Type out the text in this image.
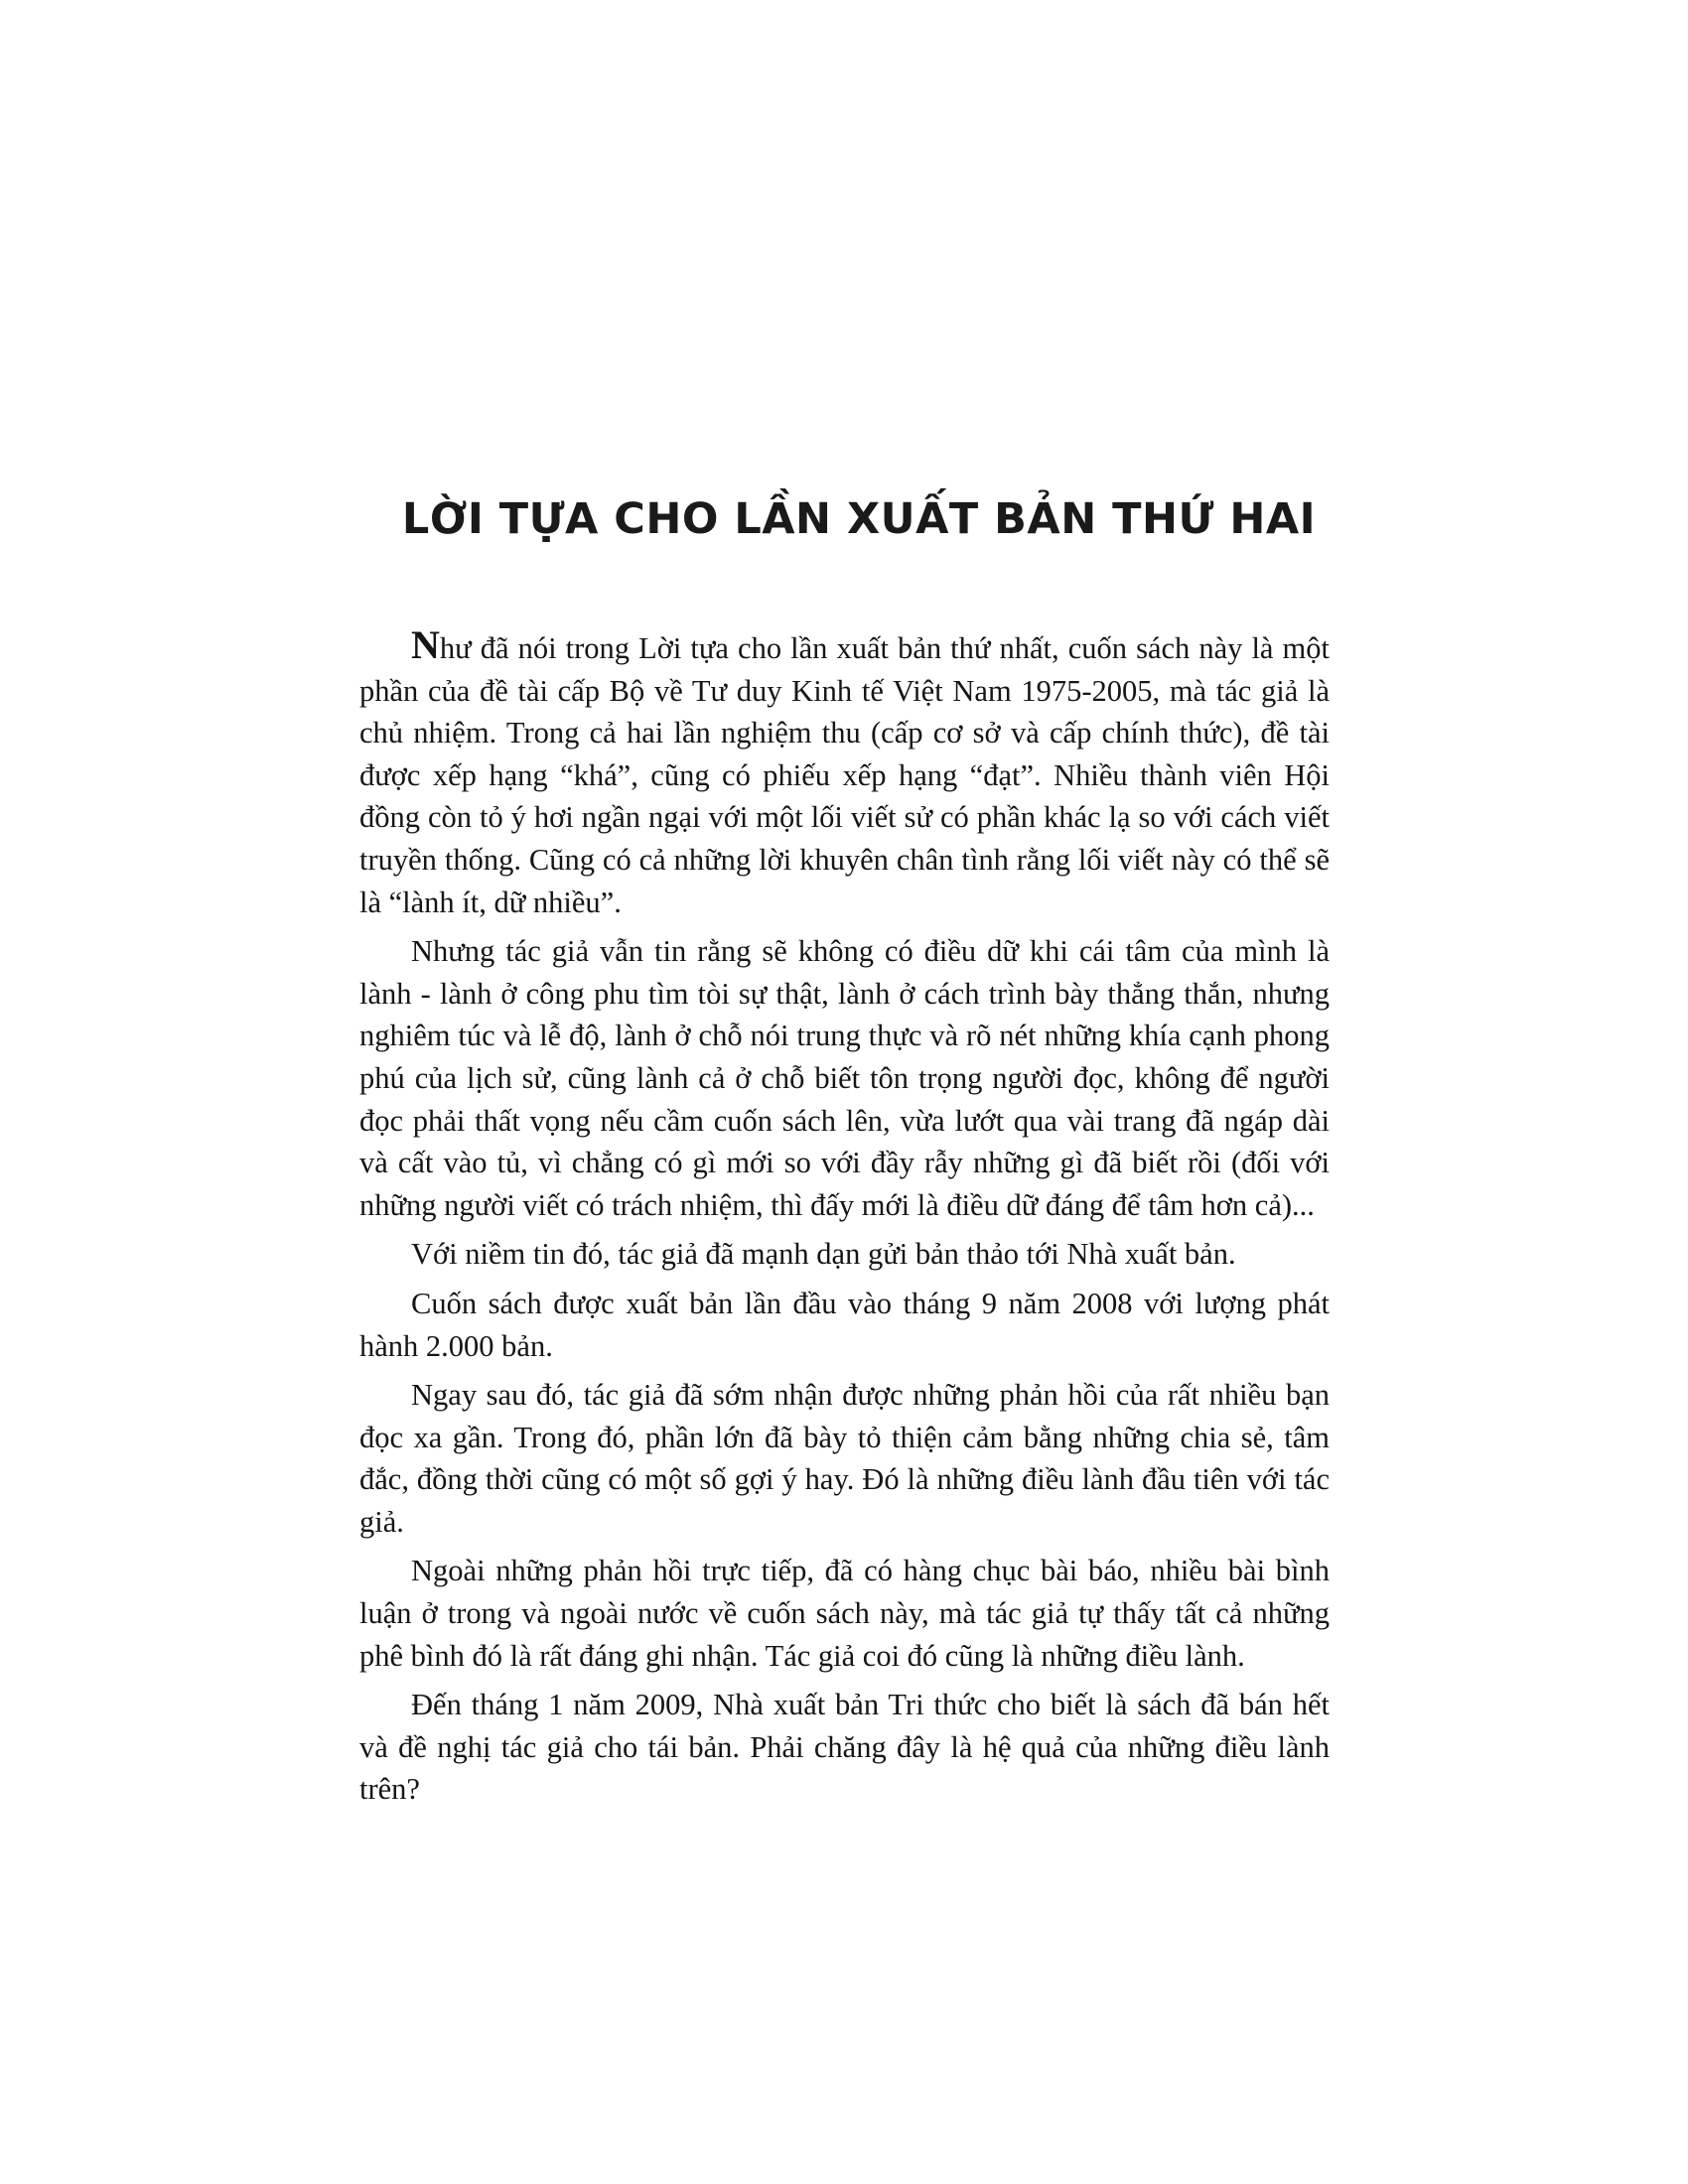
LỜI TỰA CHO LẦN XUẤT BẢN THỨ HAI

Như đã nói trong Lời tựa cho lần xuất bản thứ nhất, cuốn sách này là một phần của đề tài cấp Bộ về Tư duy Kinh tế Việt Nam 1975-2005, mà tác giả là chủ nhiệm. Trong cả hai lần nghiệm thu (cấp cơ sở và cấp chính thức), đề tài được xếp hạng “khá”, cũng có phiếu xếp hạng “đạt”. Nhiều thành viên Hội đồng còn tỏ ý hơi ngần ngại với một lối viết sử có phần khác lạ so với cách viết truyền thống. Cũng có cả những lời khuyên chân tình rằng lối viết này có thể sẽ là “lành ít, dữ nhiều”.

Nhưng tác giả vẫn tin rằng sẽ không có điều dữ khi cái tâm của mình là lành - lành ở công phu tìm tòi sự thật, lành ở cách trình bày thẳng thắn, nhưng nghiêm túc và lễ độ, lành ở chỗ nói trung thực và rõ nét những khía cạnh phong phú của lịch sử, cũng lành cả ở chỗ biết tôn trọng người đọc, không để người đọc phải thất vọng nếu cầm cuốn sách lên, vừa lướt qua vài trang đã ngáp dài và cất vào tủ, vì chẳng có gì mới so với đầy rẫy những gì đã biết rồi (đối với những người viết có trách nhiệm, thì đấy mới là điều dữ đáng để tâm hơn cả)...

Với niềm tin đó, tác giả đã mạnh dạn gửi bản thảo tới Nhà xuất bản.

Cuốn sách được xuất bản lần đầu vào tháng 9 năm 2008 với lượng phát hành 2.000 bản.

Ngay sau đó, tác giả đã sớm nhận được những phản hồi của rất nhiều bạn đọc xa gần. Trong đó, phần lớn đã bày tỏ thiện cảm bằng những chia sẻ, tâm đắc, đồng thời cũng có một số gợi ý hay. Đó là những điều lành đầu tiên với tác giả.

Ngoài những phản hồi trực tiếp, đã có hàng chục bài báo, nhiều bài bình luận ở trong và ngoài nước về cuốn sách này, mà tác giả tự thấy tất cả những phê bình đó là rất đáng ghi nhận. Tác giả coi đó cũng là những điều lành.

Đến tháng 1 năm 2009, Nhà xuất bản Tri thức cho biết là sách đã bán hết và đề nghị tác giả cho tái bản. Phải chăng đây là hệ quả của những điều lành trên?
